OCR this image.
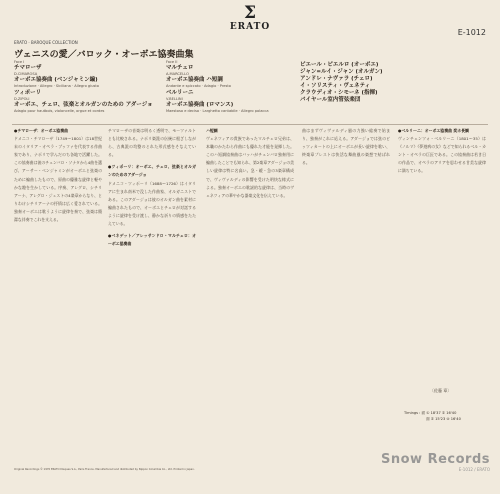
Σ
ERATO
E-1012
ERATO · BAROQUE COLLECTION
ヴェニスの愛／バロック・オーボエ協奏曲集
Face I
チマローザ
D.CIMAROSA
オーボエ協奏曲 (ベンジャミン編)
Introduzione · Allegro · Siciliana · Allegro giusto
ツィポーリ
D.ZIPOLI
オーボエ、チェロ、弦楽とオルガンのための アダージョ
Adagio pour hautbois, violoncelle, orgue et cordes
Face II
マルチェロ
A.MARCELLO
オーボエ協奏曲 ハ短調
Andante e spiccato · Adagio · Presto
ベルリーニ
V.BELLINI
オーボエ協奏曲 (ロマンス)
Maestoso e deciso · Larghetto cantabile · Allegro polacca
ピエール・ピエルロ (オーボエ)
ジャン=ルイ・ジャン (オルガン)
アンドレ・ナヴァラ (チェロ)
イ・ソリスティ・ヴェネティ
クラウディオ・シモーネ (指揮)
パイヤール室内管弦楽団
●チマローザ：オーボエ協奏曲
ドメニコ・チマローザ（1749〜1801）は18世紀末のイタリア・オペラ・ブッファを代表する作曲家であり、ナポリで学んだのち各地で活躍した。この協奏曲は彼のチェンバロ・ソナタから4曲を選び、アーサー・ベンジャミンがオーボエと弦楽のために編曲したもので、原曲の優雅な旋律と軽やかな趣を生かしている。序奏、アレグロ、シチリアーナ、アレグロ・ジュストの4楽章からなり、とりわけシチリアーナの抒情は広く愛されている。独奏オーボエは歌うように旋律を奏で、弦楽は簡潔な伴奏でこれを支える。
チマローザの音楽は明るく透明で、モーツァルトとも比較される。ナポリ楽派の伝統に根ざしながら、古典派の均整のとれた形式感をそなえている。
●ツィポーリ：オーボエ、チェロ、弦楽とオルガンのためのアダージョ
ドメニコ・ツィポーリ（1688〜1726）はイタリアに生まれ南米で没した作曲家、オルガニストである。このアダージョは彼のオルガン曲を素材に編曲されたもので、オーボエとチェロが対話するように旋律を受け渡し、静かな祈りの情感をたたえている。
●ベネデット／アレッサンドロ・マルチェロ：オーボエ協奏曲
ハ短調
ヴェネツィアの貴族であったマルチェロ兄弟は、本職のかたわら作曲にも優れた才能を発揮した。このハ短調協奏曲はバッハがチェンバロ独奏用に編曲したことでも知られ、第2楽章アダージョの美しい旋律は特に名高い。急・緩・急の3楽章構成で、ヴィヴァルディの影響を受けた明快な様式による。独奏オーボエの歌謡的な旋律は、当時のヴェネツィアの華やかな器楽文化を伝えている。
曲はまずヴィヴァルディ風の力強い総奏で始まり、独奏がこれに応える。アダージョでは弦のピッツィカートの上にオーボエが長い旋律を歌い、終楽章プレストは快活な舞曲風の楽想で結ばれる。
●ベルリーニ：オーボエ協奏曲 変ホ長調
ヴィンチェンツォ・ベルリーニ（1801〜35）は《ノルマ》《夢遊病の女》などで知られるベル・カント・オペラの巨匠である。この協奏曲は若き日の作品で、オペラのアリアを思わせる甘美な旋律に満ちている。
〔佐藤 章〕
Timings : 面 ① 18'37 ② 16'40
面 ② 15'23 ④ 16'40
Original Recordings © 1970 ERATO Disques S.A., Paris France. Manufactured and distributed by Nippon Columbia Co., Ltd. Printed in Japan.
Snow Records
E-1012 / ERATO
